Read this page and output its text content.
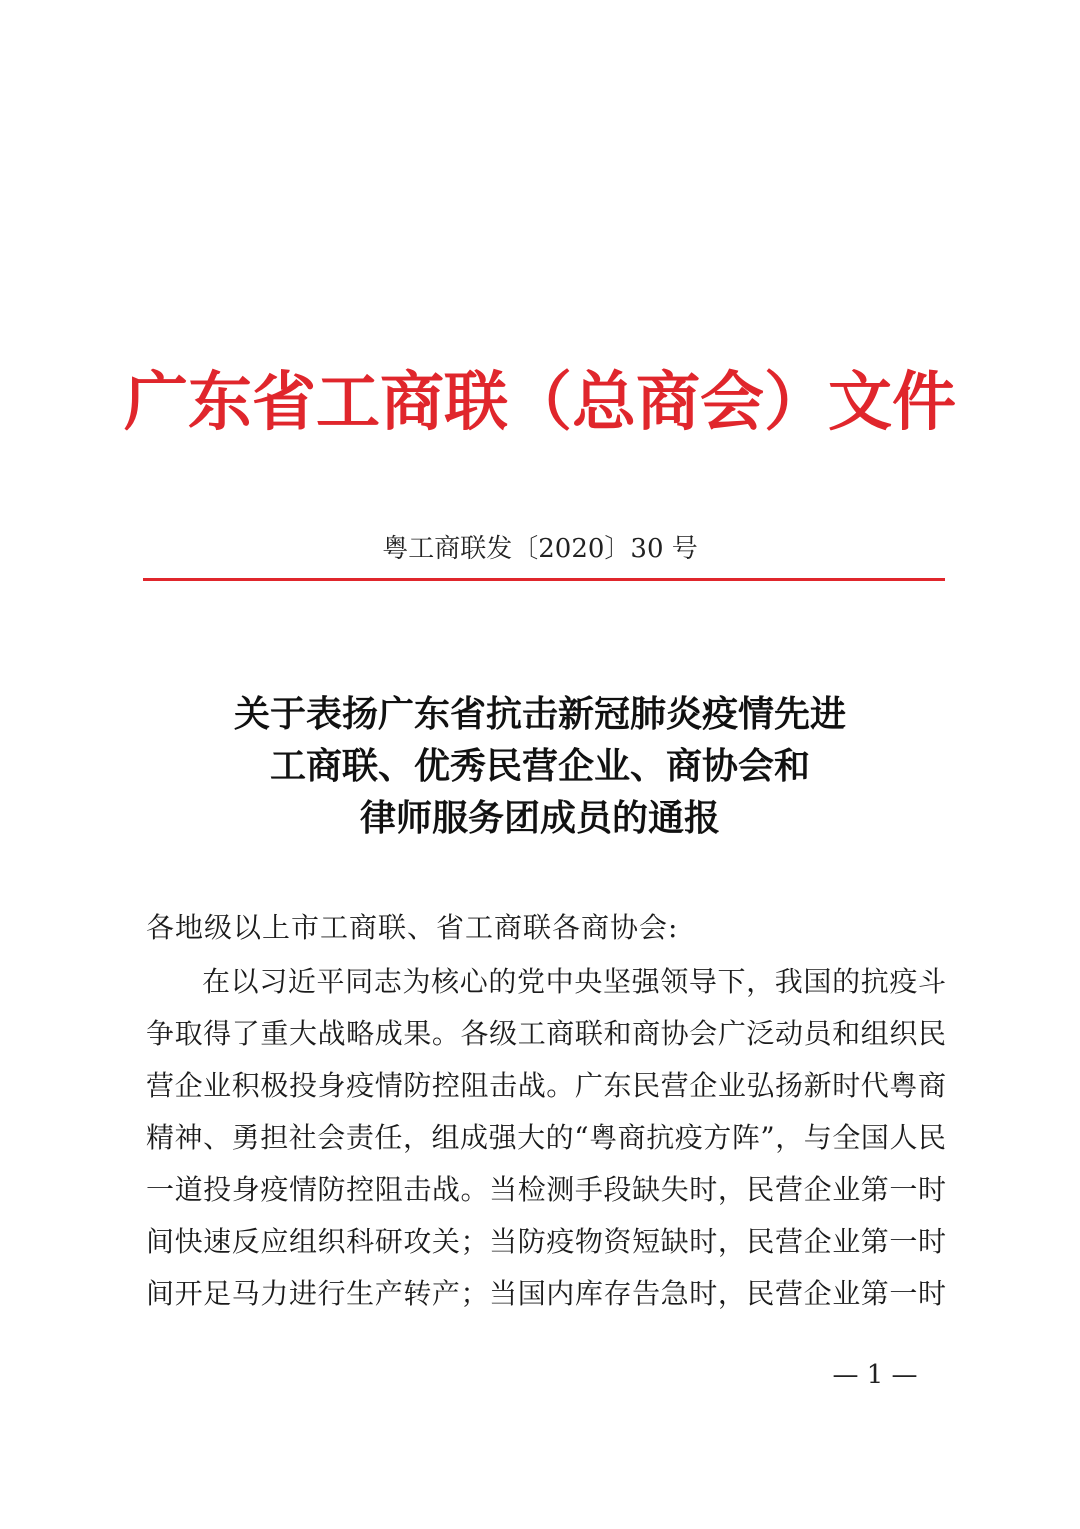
广东省工商联（总商会）文件
粤工商联发〔2020〕30 号
关于表扬广东省抗击新冠肺炎疫情先进
工商联、优秀民营企业、商协会和
律师服务团成员的通报
各地级以上市工商联、省工商联各商协会:
在以习近平同志为核心的党中央坚强领导下，我国的抗疫斗
争取得了重大战略成果。各级工商联和商协会广泛动员和组织民
营企业积极投身疫情防控阻击战。广东民营企业弘扬新时代粤商
精神、勇担社会责任，组成强大的“粤商抗疫方阵”，与全国人民
一道投身疫情防控阻击战。当检测手段缺失时，民营企业第一时
间快速反应组织科研攻关；当防疫物资短缺时，民营企业第一时
间开足马力进行生产转产；当国内库存告急时，民营企业第一时
— 1 —
